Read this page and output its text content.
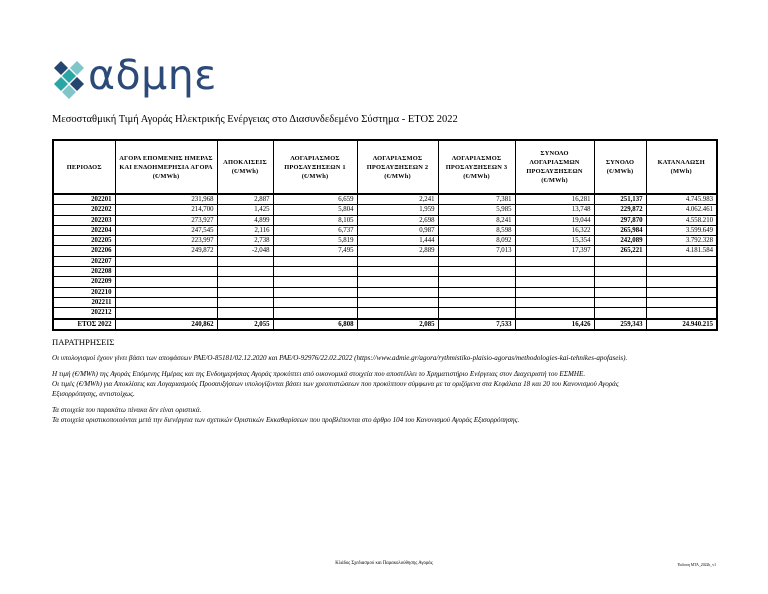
αδμηε
Μεσοσταθμική Τιμή Αγοράς Ηλεκτρικής Ενέργειας στο Διασυνδεδεμένο Σύστημα - ΕΤΟΣ 2022
ΠΕΡΙΟΔΟΣ	ΑΓΟΡΑ ΕΠΟΜΕΝΗΣ ΗΜΕΡΑΣ ΚΑΙ ΕΝΔΟΗΜΕΡΗΣΙΑ ΑΓΟΡΑ (€/MWh)	ΑΠΟΚΛΙΣΕΙΣ (€/MWh)	ΛΟΓΑΡΙΑΣΜΟΣ ΠΡΟΣΑΥΞΗΣΕΩΝ 1 (€/MWh)	ΛΟΓΑΡΙΑΣΜΟΣ ΠΡΟΣΑΥΞΗΣΕΩΝ 2 (€/MWh)	ΛΟΓΑΡΙΑΣΜΟΣ ΠΡΟΣΑΥΞΗΣΕΩΝ 3 (€/MWh)	ΣΥΝΟΛΟ ΛΟΓΑΡΙΑΣΜΩΝ ΠΡΟΣΑΥΞΗΣΕΩΝ (€/MWh)	ΣΥΝΟΛΟ (€/MWh)	ΚΑΤΑΝΑΛΩΣΗ (MWh)
202201	231,968	2,887	6,659	2,241	7,381	16,281	251,137	4.745.983
202202	214,700	1,425	5,804	1,959	5,985	13,748	229,872	4.062.461
202203	273,927	4,899	8,105	2,698	8,241	19,044	297,870	4.558.210
202204	247,545	2,116	6,737	0,987	8,598	16,322	265,984	3.599.649
202205	223,997	2,738	5,819	1,444	8,092	15,354	242,089	3.792.328
202206	249,872	-2,048	7,495	2,889	7,013	17,397	265,221	4.181.584
202207								
202208								
202209								
202210								
202211								
202212								
ΕΤΟΣ 2022	240,862	2,055	6,808	2,085	7,533	16,426	259,343	24.940.215
ΠΑΡΑΤΗΡΗΣΕΙΣ

Οι υπολογισμοί έχουν γίνει βάσει των αποφάσεων ΡΑΕ/Ο-85181/02.12.2020 και ΡΑΕ/Ο-92976/22.02.2022 (https://www.admie.gr/agora/rythmistiko-plaisio-agoras/methodologies-kai-tehnikes-apofaseis).

Η τιμή (€/MWh) της Αγοράς Επόμενης Ημέρας και της Ενδοημερήσιας Αγοράς προκύπτει από οικονομικά στοιχεία που αποστέλλει το Χρηματιστήριο Ενέργειας στον Διαχειριστή του ΕΣΜΗΕ.

Οι τιμές (€/MWh) για Αποκλίσεις και Λογαριασμούς Προσαυξήσεων υπολογίζονται βάσει των χρεοπιστώσεων που προκύπτουν σύμφωνα με τα οριζόμενα στα Κεφάλαια 18 και 20 του Κανονισμού Αγοράς

Εξισορρόπησης, αντιστοίχως.

Τα στοιχεία του παρακάτω πίνακα δεν είναι οριστικά.

Τα στοιχεία οριστικοποιούνται μετά την διενέργεια των σχετικών Οριστικών Εκκαθαρίσεων που προβλέπονται στο άρθρο 104 του Κανονισμού Αγοράς Εξισορρόπησης.

Κλάδος Σχεδιασμού και Παρακολούθησης Αγοράς	Έκδοση ΜΤΑ_2022b_v1
